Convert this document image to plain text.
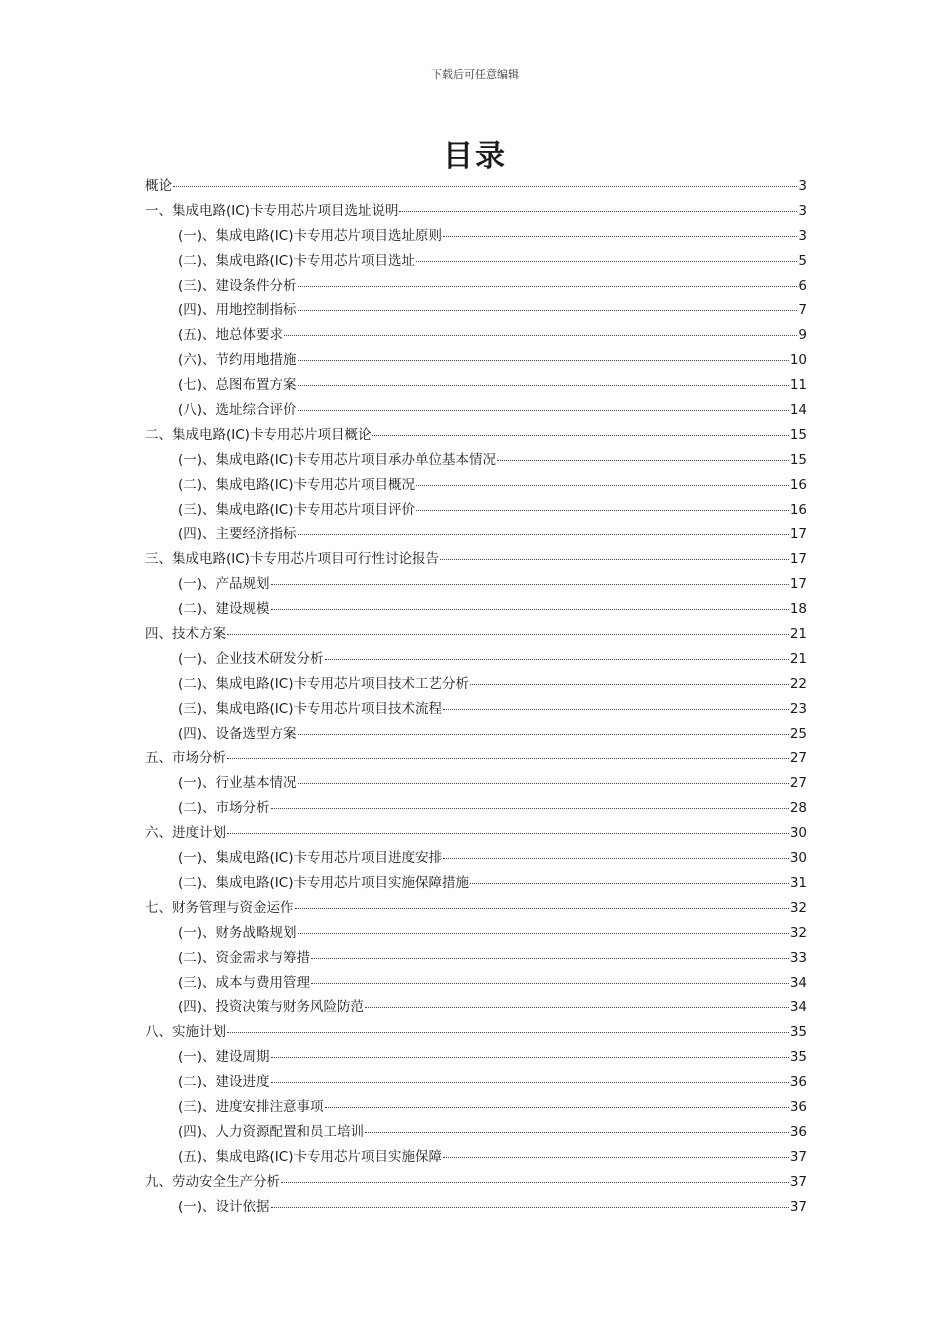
下载后可任意编辑
目录
概论	3
一、集成电路(IC)卡专用芯片项目选址说明	3
(一)、集成电路(IC)卡专用芯片项目选址原则	3
(二)、集成电路(IC)卡专用芯片项目选址	5
(三)、建设条件分析	6
(四)、用地控制指标	7
(五)、地总体要求	9
(六)、节约用地措施	10
(七)、总图布置方案	11
(八)、选址综合评价	14
二、集成电路(IC)卡专用芯片项目概论	15
(一)、集成电路(IC)卡专用芯片项目承办单位基本情况	15
(二)、集成电路(IC)卡专用芯片项目概况	16
(三)、集成电路(IC)卡专用芯片项目评价	16
(四)、主要经济指标	17
三、集成电路(IC)卡专用芯片项目可行性讨论报告	17
(一)、产品规划	17
(二)、建设规模	18
四、技术方案	21
(一)、企业技术研发分析	21
(二)、集成电路(IC)卡专用芯片项目技术工艺分析	22
(三)、集成电路(IC)卡专用芯片项目技术流程	23
(四)、设备选型方案	25
五、市场分析	27
(一)、行业基本情况	27
(二)、市场分析	28
六、进度计划	30
(一)、集成电路(IC)卡专用芯片项目进度安排	30
(二)、集成电路(IC)卡专用芯片项目实施保障措施	31
七、财务管理与资金运作	32
(一)、财务战略规划	32
(二)、资金需求与筹措	33
(三)、成本与费用管理	34
(四)、投资决策与财务风险防范	34
八、实施计划	35
(一)、建设周期	35
(二)、建设进度	36
(三)、进度安排注意事项	36
(四)、人力资源配置和员工培训	36
(五)、集成电路(IC)卡专用芯片项目实施保障	37
九、劳动安全生产分析	37
(一)、设计依据	37
